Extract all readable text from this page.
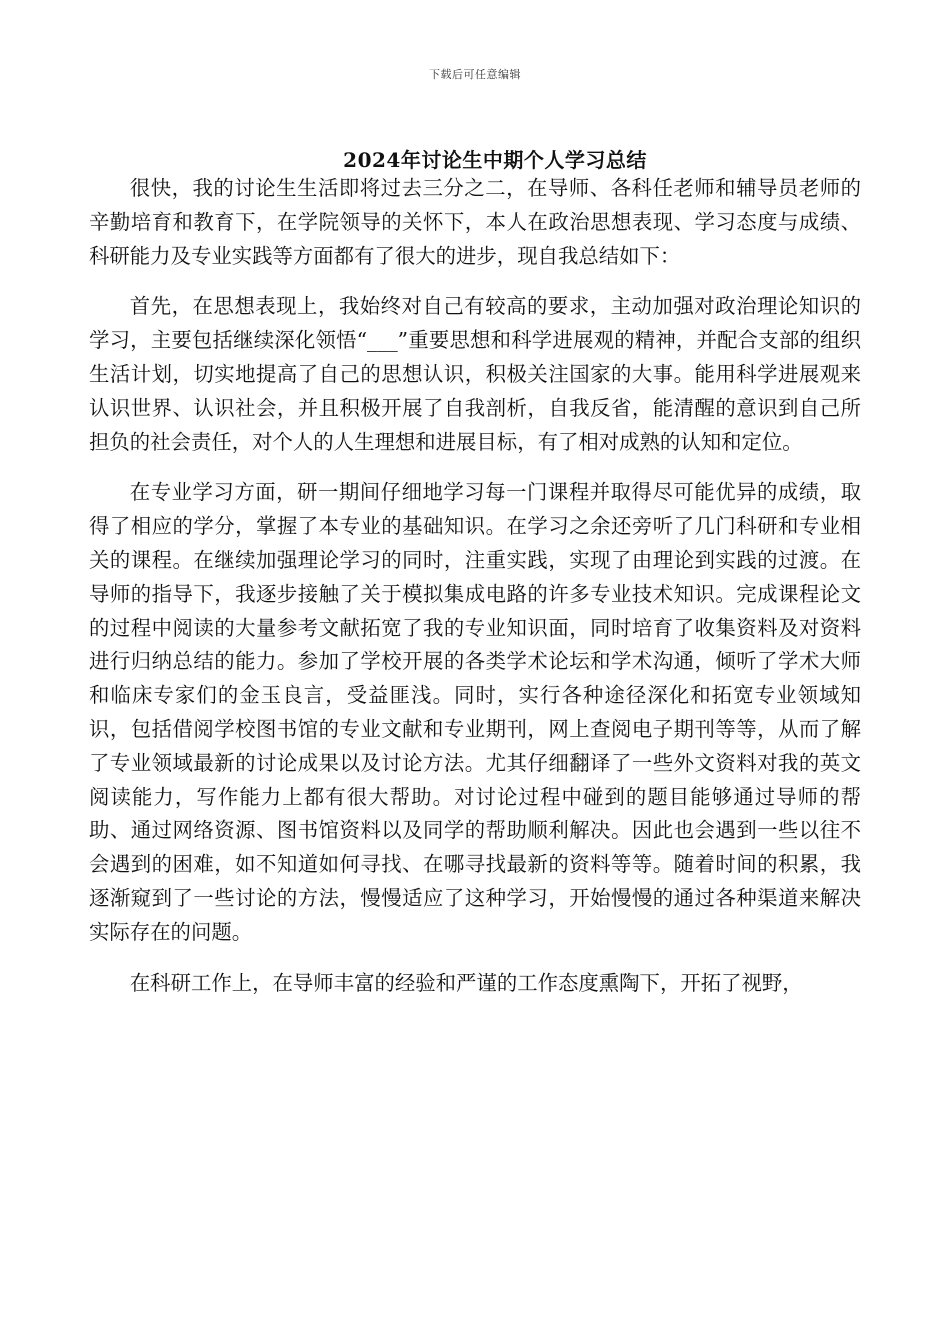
下载后可任意编辑
2024年讨论生中期个人学习总结

很快，我的讨论生生活即将过去三分之二，在导师、各科任老师和辅导员老师的辛勤培育和教育下，在学院领导的关怀下，本人在政治思想表现、学习态度与成绩、科研能力及专业实践等方面都有了很大的进步，现自我总结如下：

首先，在思想表现上，我始终对自己有较高的要求，主动加强对政治理论知识的学习，主要包括继续深化领悟“___”重要思想和科学进展观的精神，并配合支部的组织生活计划，切实地提高了自己的思想认识，积极关注国家的大事。能用科学进展观来认识世界、认识社会，并且积极开展了自我剖析，自我反省，能清醒的意识到自己所担负的社会责任，对个人的人生理想和进展目标，有了相对成熟的认知和定位。

在专业学习方面，研一期间仔细地学习每一门课程并取得尽可能优异的成绩，取得了相应的学分，掌握了本专业的基础知识。在学习之余还旁听了几门科研和专业相关的课程。在继续加强理论学习的同时，注重实践，实现了由理论到实践的过渡。在导师的指导下，我逐步接触了关于模拟集成电路的许多专业技术知识。完成课程论文的过程中阅读的大量参考文献拓宽了我的专业知识面，同时培育了收集资料及对资料进行归纳总结的能力。参加了学校开展的各类学术论坛和学术沟通，倾听了学术大师和临床专家们的金玉良言，受益匪浅。同时，实行各种途径深化和拓宽专业领域知识，包括借阅学校图书馆的专业文献和专业期刊，网上查阅电子期刊等等，从而了解了专业领域最新的讨论成果以及讨论方法。尤其仔细翻译了一些外文资料对我的英文阅读能力，写作能力上都有很大帮助。对讨论过程中碰到的题目能够通过导师的帮助、通过网络资源、图书馆资料以及同学的帮助顺利解决。因此也会遇到一些以往不会遇到的困难，如不知道如何寻找、在哪寻找最新的资料等等。随着时间的积累，我逐渐窥到了一些讨论的方法，慢慢适应了这种学习，开始慢慢的通过各种渠道来解决实际存在的问题。

在科研工作上，在导师丰富的经验和严谨的工作态度熏陶下，开拓了视野，
